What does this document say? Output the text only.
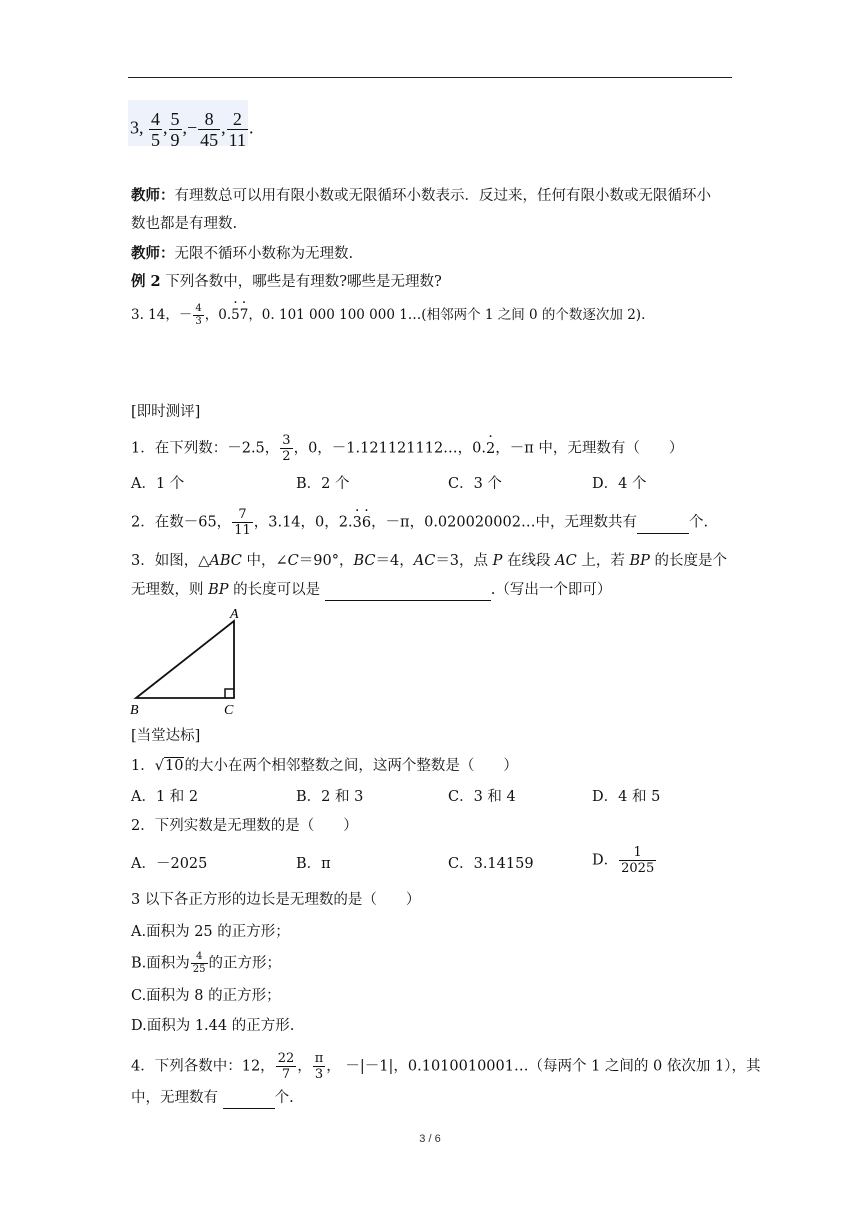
3, $\frac{4}{5}$ , $\frac{5}{9}$ ,− $\frac{8}{45}$ , $\frac{2}{11}$ .
教师：有理数总可以用有限小数或无限循环小数表示．反过来，任何有限小数或无限循环小
数也都是有理数.
教师：无限不循环小数称为无理数.
例 2 下列各数中，哪些是有理数?哪些是无理数?
3. 14，－ $\frac{4}{3}$ ，0.· 5· 7，0. 101 000 100 000 1…(相邻两个 1 之间 0 的个数逐次加 2).
[即时测评]
1．在下列数：－2.5， $\frac{3}{2}$ ，0，－1.121121112…，0.· 2，－π 中，无理数有（　　）
A．1 个	B．2 个	C．3 个	D．4 个
2．在数－65， $\frac{7}{11}$ ，3.14，0，2.· 3· 6，－π，0.020020002…中，无理数共有	个.
3．如图，△ABC 中，∠C＝90°，BC＝4，AC＝3，点 P 在线段 AC 上，若 BP 的长度是个
无理数，则 BP 的长度可以是	.（写出一个即可）
A
B	C
[当堂达标]
1．√10的大小在两个相邻整数之间，这两个整数是（　　）
A．1 和 2	B．2 和 3	C．3 和 4	D．4 和 5
2．下列实数是无理数的是（　　）
A．－2025	B．π	C．3.14159	D． $\frac{1}{2025}$
3 以下各正方形的边长是无理数的是（　　）
A.面积为 25 的正方形；
B.面积为 $\frac{4}{25}$ 的正方形；
C.面积为 8 的正方形；
D.面积为 1.44 的正方形.
4．下列各数中：12， $\frac{22}{7}$ ， $\frac{\pi}{3}$ ， －|－1|，0.1010010001…（每两个 1 之间的 0 依次加 1），其
中，无理数有	个.
3 / 6
